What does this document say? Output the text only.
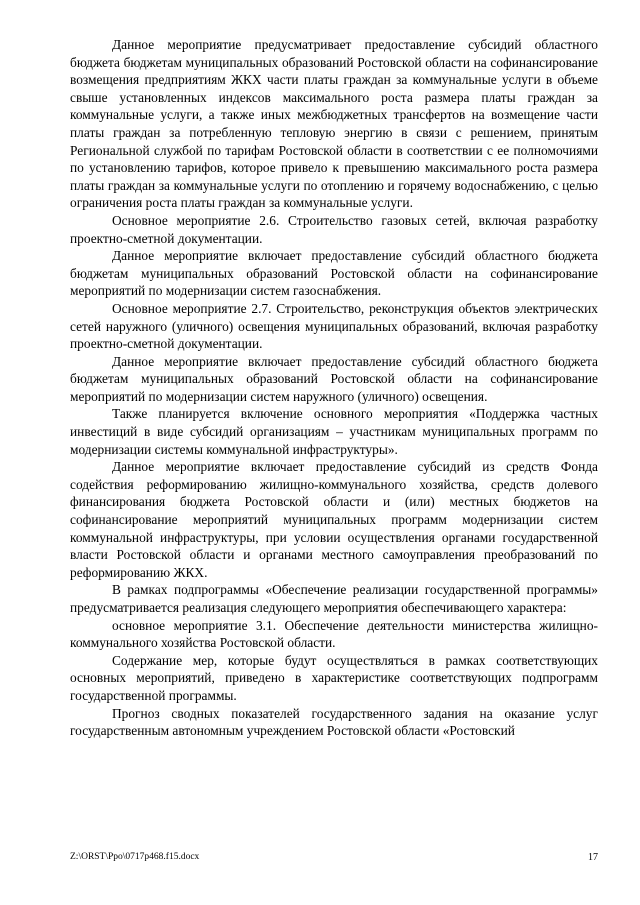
Данное мероприятие предусматривает предоставление субсидий областного бюджета бюджетам муниципальных образований Ростовской области на софинансирование возмещения предприятиям ЖКХ части платы граждан за коммунальные услуги в объеме свыше установленных индексов максимального роста размера платы граждан за коммунальные услуги, а также иных межбюджетных трансфертов на возмещение части платы граждан за потребленную тепловую энергию в связи с решением, принятым Региональной службой по тарифам Ростовской области в соответствии с ее полномочиями по установлению тарифов, которое привело к превышению максимального роста размера платы граждан за коммунальные услуги по отоплению и горячему водоснабжению, с целью ограничения роста платы граждан за коммунальные услуги.

Основное мероприятие 2.6. Строительство газовых сетей, включая разработку проектно-сметной документации.

Данное мероприятие включает предоставление субсидий областного бюджета бюджетам муниципальных образований Ростовской области на софинансирование мероприятий по модернизации систем газоснабжения.

Основное мероприятие 2.7. Строительство, реконструкция объектов электрических сетей наружного (уличного) освещения муниципальных образований, включая разработку проектно-сметной документации.

Данное мероприятие включает предоставление субсидий областного бюджета бюджетам муниципальных образований Ростовской области на софинансирование мероприятий по модернизации систем наружного (уличного) освещения.

Также планируется включение основного мероприятия «Поддержка частных инвестиций в виде субсидий организациям – участникам муниципальных программ по модернизации системы коммунальной инфраструктуры».

Данное мероприятие включает предоставление субсидий из средств Фонда содействия реформированию жилищно-коммунального хозяйства, средств долевого финансирования бюджета Ростовской области и (или) местных бюджетов на софинансирование мероприятий муниципальных программ модернизации систем коммунальной инфраструктуры, при условии осуществления органами государственной власти Ростовской области и органами местного самоуправления преобразований по реформированию ЖКХ.

В рамках подпрограммы «Обеспечение реализации государственной программы» предусматривается реализация следующего мероприятия обеспечивающего характера:

основное мероприятие 3.1. Обеспечение деятельности министерства жилищно-коммунального хозяйства Ростовской области.

Содержание мер, которые будут осуществляться в рамках соответствующих основных мероприятий, приведено в характеристике соответствующих подпрограмм государственной программы.

Прогноз сводных показателей государственного задания на оказание услуг государственным автономным учреждением Ростовской области «Ростовский

Z:\ORST\Ppo\0717p468.f15.docx	17
